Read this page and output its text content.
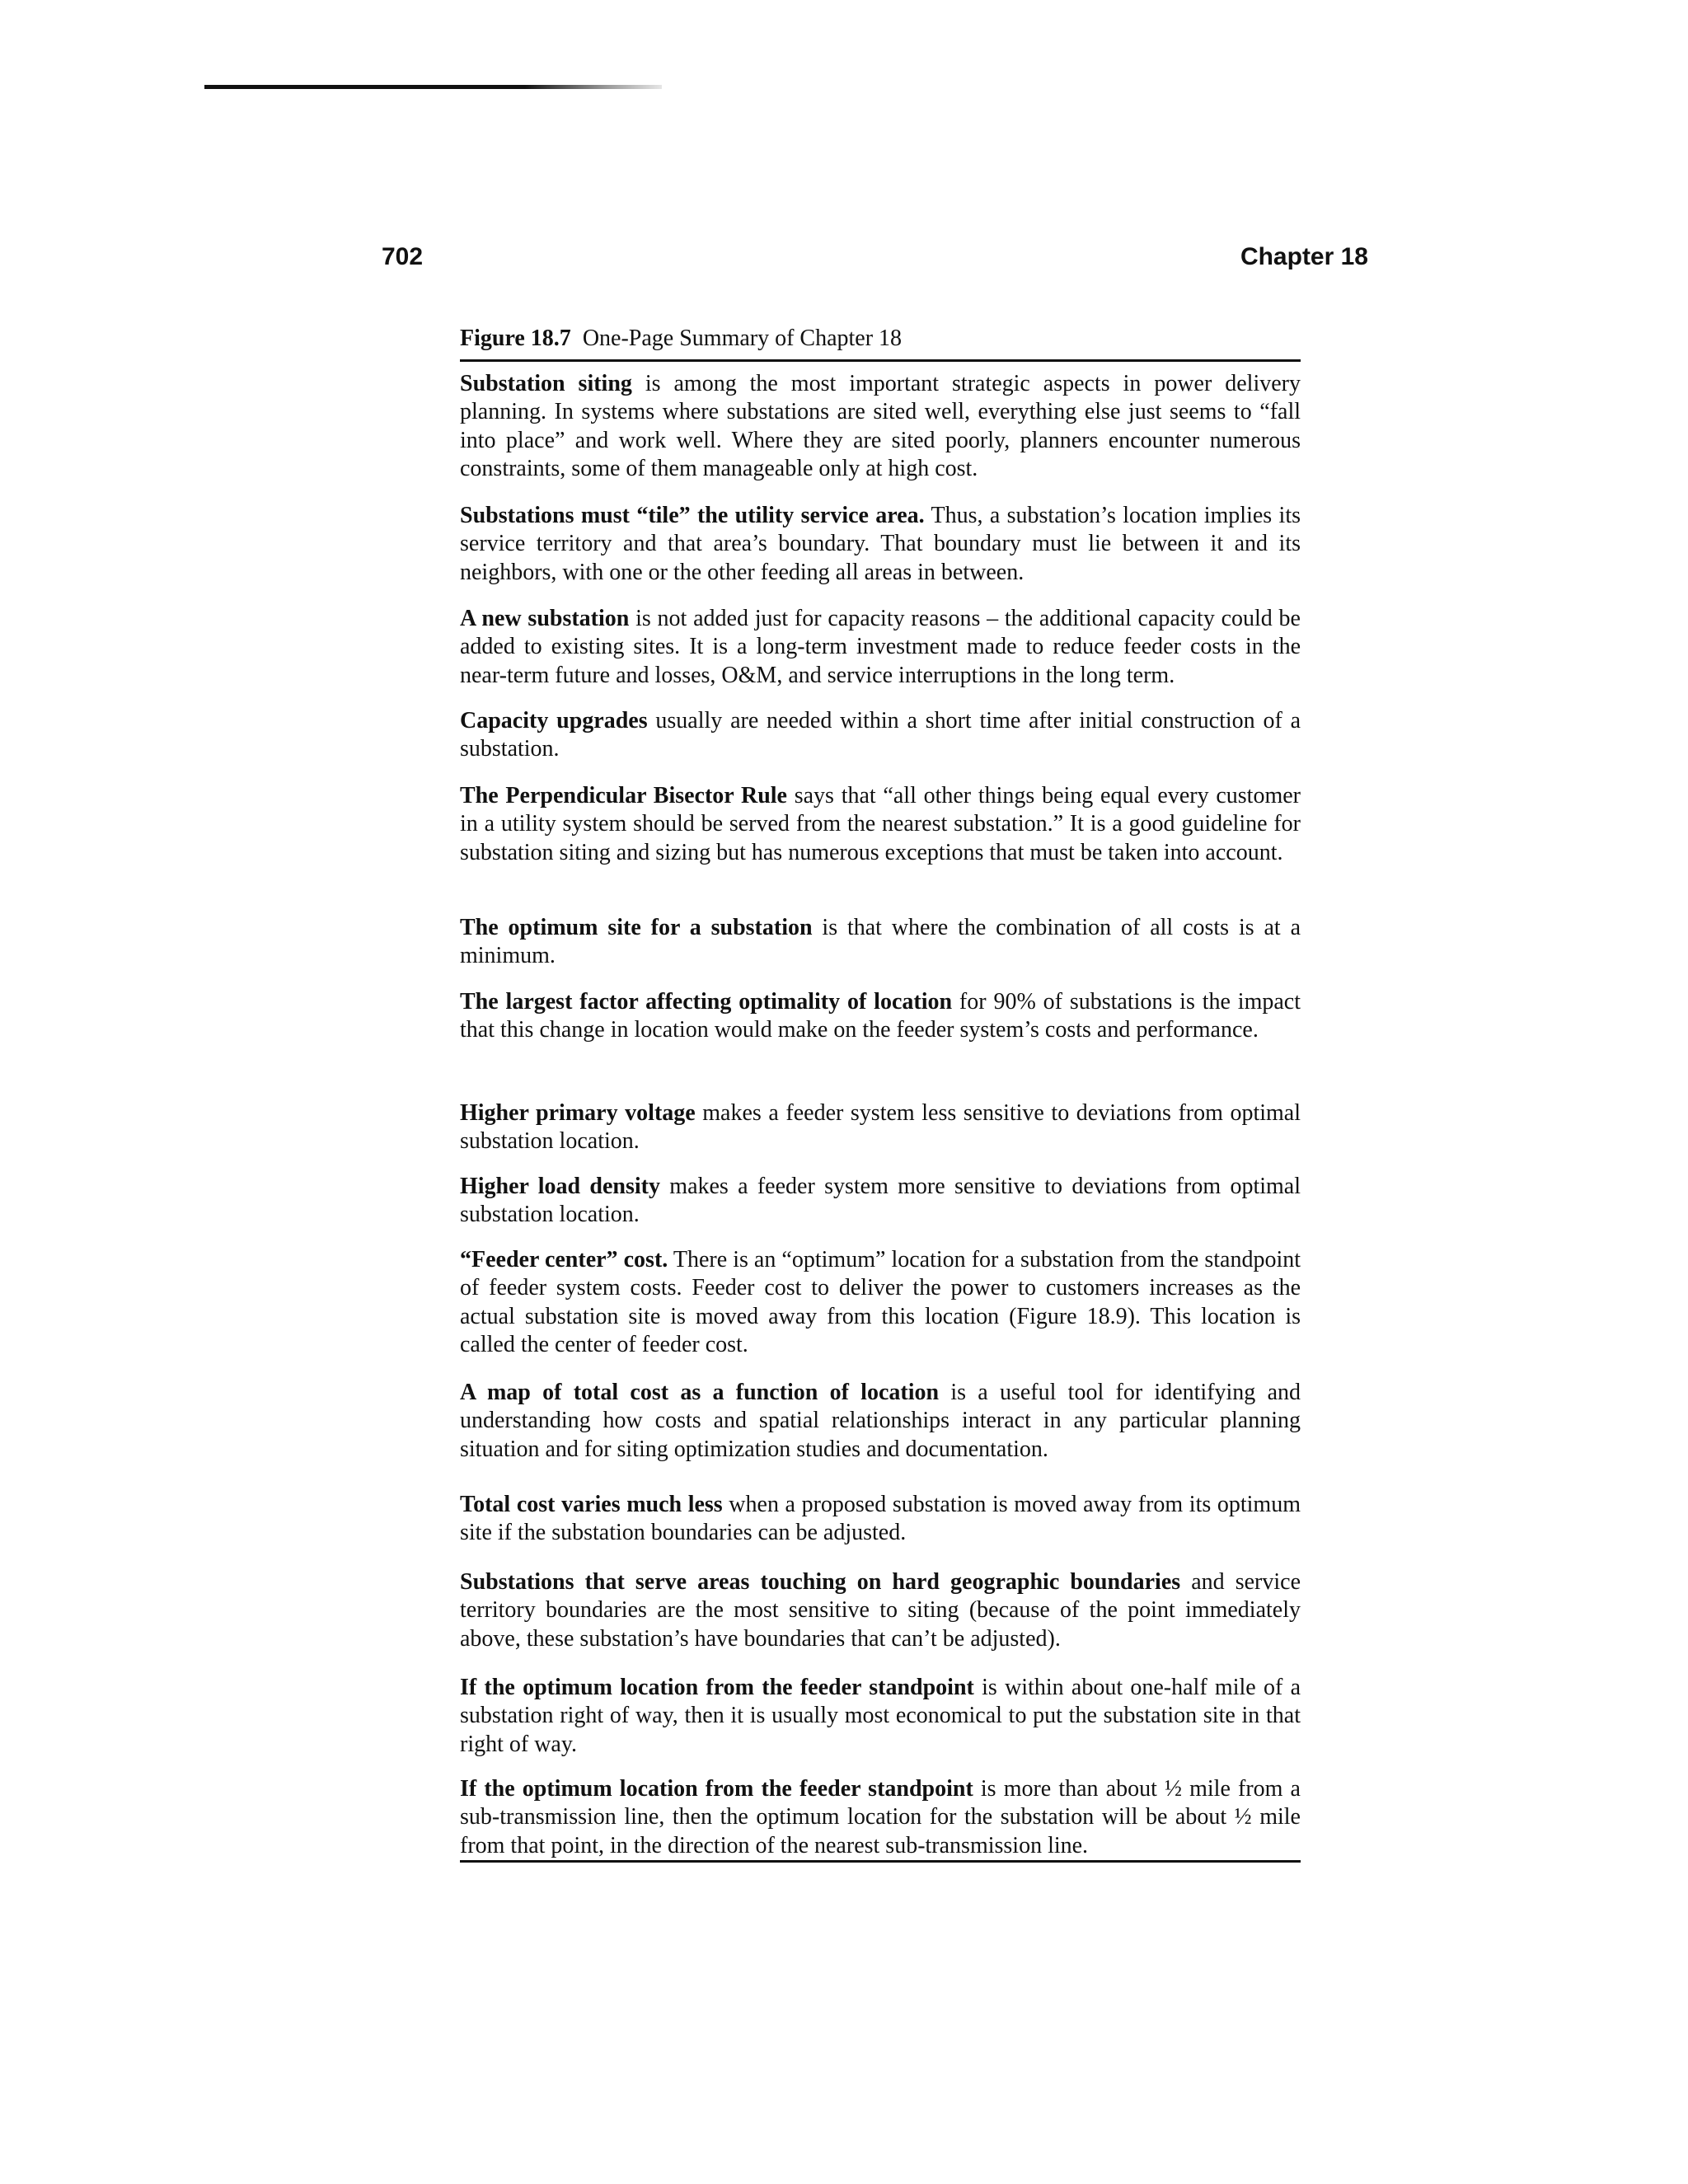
702	Chapter 18
Figure 18.7 One-Page Summary of Chapter 18

Substation siting is among the most important strategic aspects in power delivery planning. In systems where substations are sited well, everything else just seems to “fall into place” and work well. Where they are sited poorly, planners encounter numerous constraints, some of them manageable only at high cost.

Substations must “tile” the utility service area. Thus, a substation’s location implies its service territory and that area’s boundary. That boundary must lie between it and its neighbors, with one or the other feeding all areas in between.

A new substation is not added just for capacity reasons – the additional capacity could be added to existing sites. It is a long-term investment made to reduce feeder costs in the near-term future and losses, O&M, and service interruptions in the long term.

Capacity upgrades usually are needed within a short time after initial construction of a substation.

The Perpendicular Bisector Rule says that “all other things being equal every customer in a utility system should be served from the nearest substation.” It is a good guideline for substation siting and sizing but has numerous exceptions that must be taken into account.

The optimum site for a substation is that where the combination of all costs is at a minimum.

The largest factor affecting optimality of location for 90% of substations is the impact that this change in location would make on the feeder system’s costs and performance.

Higher primary voltage makes a feeder system less sensitive to deviations from optimal substation location.

Higher load density makes a feeder system more sensitive to deviations from optimal substation location.

“Feeder center” cost. There is an “optimum” location for a substation from the standpoint of feeder system costs. Feeder cost to deliver the power to customers increases as the actual substation site is moved away from this location (Figure 18.9). This location is called the center of feeder cost.

A map of total cost as a function of location is a useful tool for identifying and understanding how costs and spatial relationships interact in any particular planning situation and for siting optimization studies and documentation.

Total cost varies much less when a proposed substation is moved away from its optimum site if the substation boundaries can be adjusted.

Substations that serve areas touching on hard geographic boundaries and service territory boundaries are the most sensitive to siting (because of the point immediately above, these substation’s have boundaries that can’t be adjusted).

If the optimum location from the feeder standpoint is within about one-half mile of a substation right of way, then it is usually most economical to put the substation site in that right of way.

If the optimum location from the feeder standpoint is more than about ½ mile from a sub-transmission line, then the optimum location for the substation will be about ½ mile from that point, in the direction of the nearest sub-transmission line.
